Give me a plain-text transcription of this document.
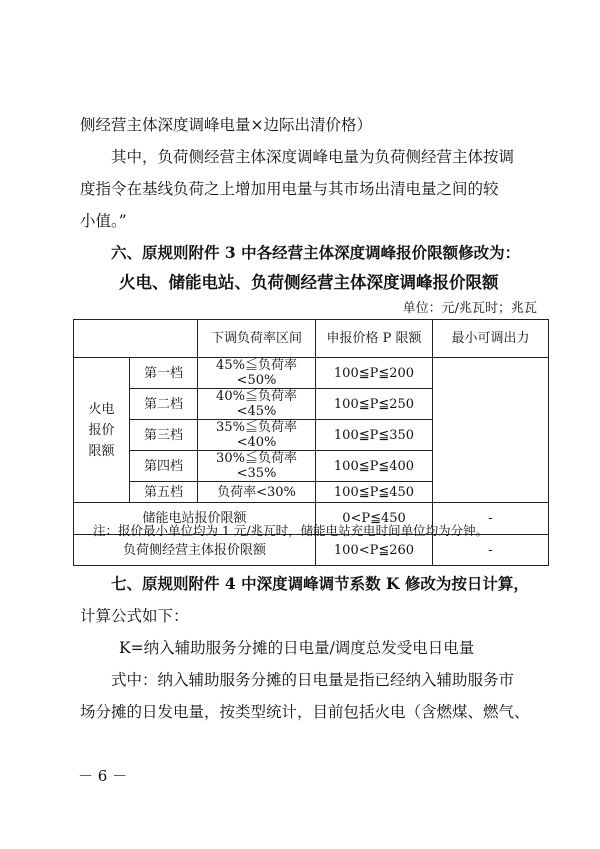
侧经营主体深度调峰电量×边际出清价格）
其中，负荷侧经营主体深度调峰电量为负荷侧经营主体按调
度指令在基线负荷之上增加用电量与其市场出清电量之间的较
小值。”
六、原规则附件 3 中各经营主体深度调峰报价限额修改为：
火电、储能电站、负荷侧经营主体深度调峰报价限额
单位：元/兆瓦时；兆瓦
		下调负荷率区间	申报价格 P 限额	最小可调出力
火电报价限额	第一档	45%≦负荷率<50%	100≦P≦200	
	第二档	40%≦负荷率<45%	100≦P≦250	
	第三档	35%≦负荷率<40%	100≦P≦350	
	第四档	30%≦负荷率<35%	100≦P≦400	
	第五档	负荷率<30%	100≦P≦450	
储能电站报价限额			0<P≦450	-
负荷侧经营主体报价限额			100<P≦260	-
注：报价最小单位均为 1 元/兆瓦时，储能电站充电时间单位均为分钟。
七、原规则附件 4 中深度调峰调节系数 K 修改为按日计算，
计算公式如下：
K=纳入辅助服务分摊的日电量/调度总发受电日电量
式中：纳入辅助服务分摊的日电量是指已经纳入辅助服务市
场分摊的日发电量，按类型统计，目前包括火电（含燃煤、燃气、
－ 6 －
